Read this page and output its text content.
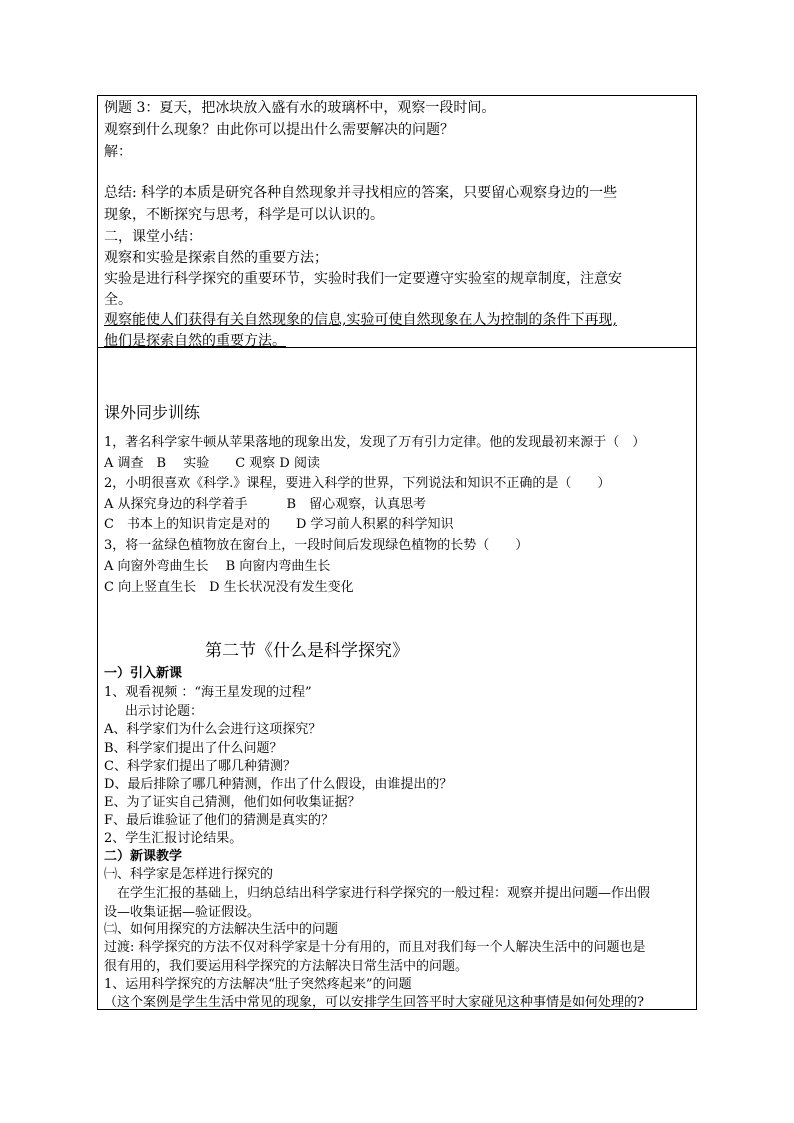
例题 3：夏天，把冰块放入盛有水的玻璃杯中，观察一段时间。
观察到什么现象？由此你可以提出什么需要解决的问题？
解：
总结: 科学的本质是研究各种自然现象并寻找相应的答案，只要留心观察身边的一些
现象，不断探究与思考，科学是可以认识的。
二，课堂小结：
观察和实验是探索自然的重要方法；
实验是进行科学探究的重要环节，实验时我们一定要遵守实验室的规章制度，注意安
全。
观察能使人们获得有关自然现象的信息,实验可使自然现象在人为控制的条件下再现,
他们是探索自然的重要方法。
课外同步训练
1，著名科学家牛顿从苹果落地的现象出发，发现了万有引力定律。他的发现最初来源于（　）
A 调查　B　 实验　　C 观察 D 阅读
2，小明很喜欢《科学.》课程，要进入科学的世界，下列说法和知识不正确的是（　　）
A 从探究身边的科学着手　　　B　留心观察，认真思考
C　书本上的知识肯定是对的　　D 学习前人积累的科学知识
3，将一盆绿色植物放在窗台上，一段时间后发现绿色植物的长势（　　）
A 向窗外弯曲生长　 B 向窗内弯曲生长
C 向上竖直生长　D 生长状况没有发生变化
第二节《什么是科学探究》
一）引入新课
1、观看视频 ：“海王星发现的过程”
　出示讨论题：
A、科学家们为什么会进行这项探究？
B、科学家们提出了什么问题？
C、科学家们提出了哪几种猜测？
D、最后排除了哪几种猜测，作出了什么假设，由谁提出的？
E、为了证实自己猜测，他们如何收集证据？
F、最后谁验证了他们的猜测是真实的？
2、学生汇报讨论结果。
二）新课教学
㈠、科学家是怎样进行探究的
　在学生汇报的基础上，归纳总结出科学家进行科学探究的一般过程：观察并提出问题—作出假
设—收集证据—验证假设。
㈡、如何用探究的方法解决生活中的问题
过渡: 科学探究的方法不仅对科学家是十分有用的，而且对我们每一个人解决生活中的问题也是
很有用的，我们要运用科学探究的方法解决日常生活中的问题。
1、运用科学探究的方法解决“肚子突然疼起来”的问题
（这个案例是学生生活中常见的现象，可以安排学生回答平时大家碰见这种事情是如何处理的?
